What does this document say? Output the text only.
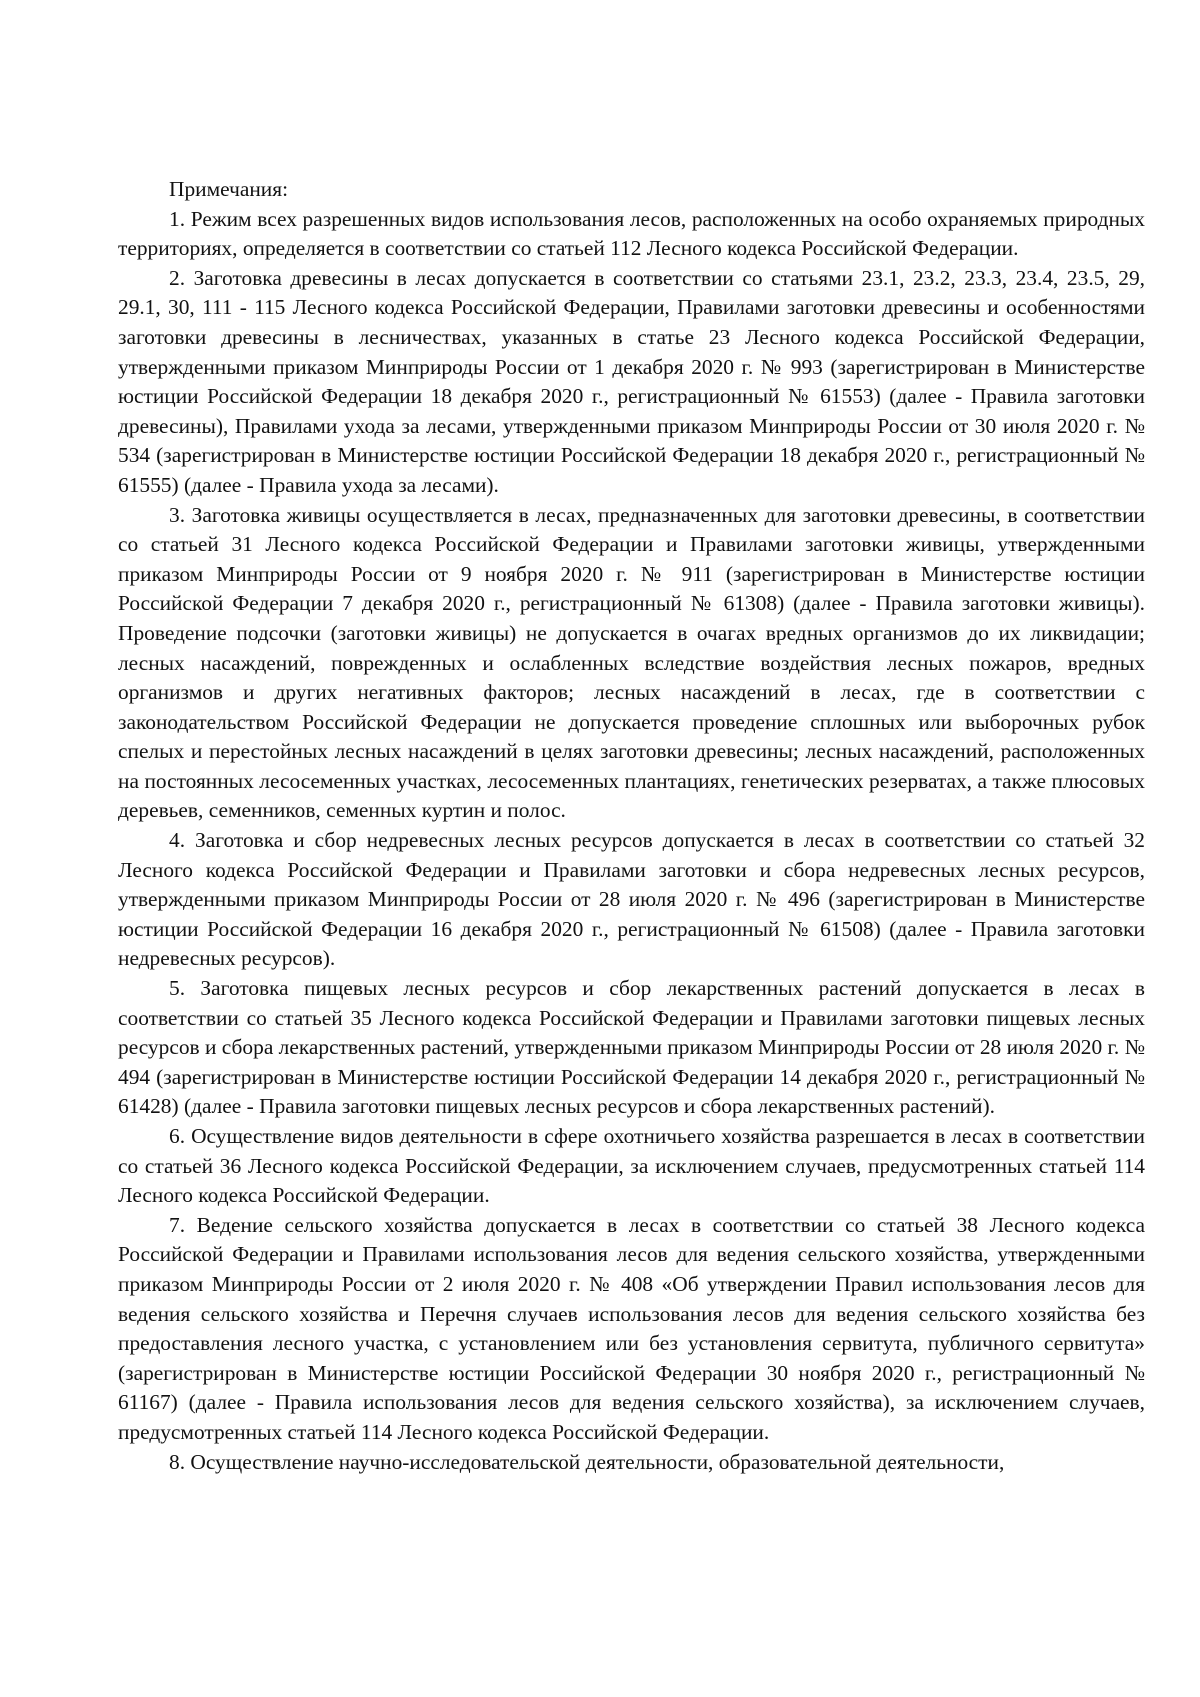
Примечания:

1. Режим всех разрешенных видов использования лесов, расположенных на особо охраняемых природных территориях, определяется в соответствии со статьей 112 Лесного кодекса Российской Федерации.

2. Заготовка древесины в лесах допускается в соответствии со статьями 23.1, 23.2, 23.3, 23.4, 23.5, 29, 29.1, 30, 111 - 115 Лесного кодекса Российской Федерации, Правилами заготовки древесины и особенностями заготовки древесины в лесничествах, указанных в статье 23 Лесного кодекса Российской Федерации, утвержденными приказом Минприроды России от 1 декабря 2020 г. № 993 (зарегистрирован в Министерстве юстиции Российской Федерации 18 декабря 2020 г., регистрационный № 61553) (далее - Правила заготовки древесины), Правилами ухода за лесами, утвержденными приказом Минприроды России от 30 июля 2020 г. № 534 (зарегистрирован в Министерстве юстиции Российской Федерации 18 декабря 2020 г., регистрационный № 61555) (далее - Правила ухода за лесами).

3. Заготовка живицы осуществляется в лесах, предназначенных для заготовки древесины, в соответствии со статьей 31 Лесного кодекса Российской Федерации и Правилами заготовки живицы, утвержденными приказом Минприроды России от 9 ноября 2020 г. № 911 (зарегистрирован в Министерстве юстиции Российской Федерации 7 декабря 2020 г., регистрационный № 61308) (далее - Правила заготовки живицы). Проведение подсочки (заготовки живицы) не допускается в очагах вредных организмов до их ликвидации; лесных насаждений, поврежденных и ослабленных вследствие воздействия лесных пожаров, вредных организмов и других негативных факторов; лесных насаждений в лесах, где в соответствии с законодательством Российской Федерации не допускается проведение сплошных или выборочных рубок спелых и перестойных лесных насаждений в целях заготовки древесины; лесных насаждений, расположенных на постоянных лесосеменных участках, лесосеменных плантациях, генетических резерватах, а также плюсовых деревьев, семенников, семенных куртин и полос.

4. Заготовка и сбор недревесных лесных ресурсов допускается в лесах в соответствии со статьей 32 Лесного кодекса Российской Федерации и Правилами заготовки и сбора недревесных лесных ресурсов, утвержденными приказом Минприроды России от 28 июля 2020 г. № 496 (зарегистрирован в Министерстве юстиции Российской Федерации 16 декабря 2020 г., регистрационный № 61508) (далее - Правила заготовки недревесных ресурсов).

5. Заготовка пищевых лесных ресурсов и сбор лекарственных растений допускается в лесах в соответствии со статьей 35 Лесного кодекса Российской Федерации и Правилами заготовки пищевых лесных ресурсов и сбора лекарственных растений, утвержденными приказом Минприроды России от 28 июля 2020 г. № 494 (зарегистрирован в Министерстве юстиции Российской Федерации 14 декабря 2020 г., регистрационный № 61428) (далее - Правила заготовки пищевых лесных ресурсов и сбора лекарственных растений).

6. Осуществление видов деятельности в сфере охотничьего хозяйства разрешается в лесах в соответствии со статьей 36 Лесного кодекса Российской Федерации, за исключением случаев, предусмотренных статьей 114 Лесного кодекса Российской Федерации.

7. Ведение сельского хозяйства допускается в лесах в соответствии со статьей 38 Лесного кодекса Российской Федерации и Правилами использования лесов для ведения сельского хозяйства, утвержденными приказом Минприроды России от 2 июля 2020 г. № 408 «Об утверждении Правил использования лесов для ведения сельского хозяйства и Перечня случаев использования лесов для ведения сельского хозяйства без предоставления лесного участка, с установлением или без установления сервитута, публичного сервитута» (зарегистрирован в Министерстве юстиции Российской Федерации 30 ноября 2020 г., регистрационный № 61167) (далее - Правила использования лесов для ведения сельского хозяйства), за исключением случаев, предусмотренных статьей 114 Лесного кодекса Российской Федерации.

8. Осуществление научно-исследовательской деятельности, образовательной деятельности,
